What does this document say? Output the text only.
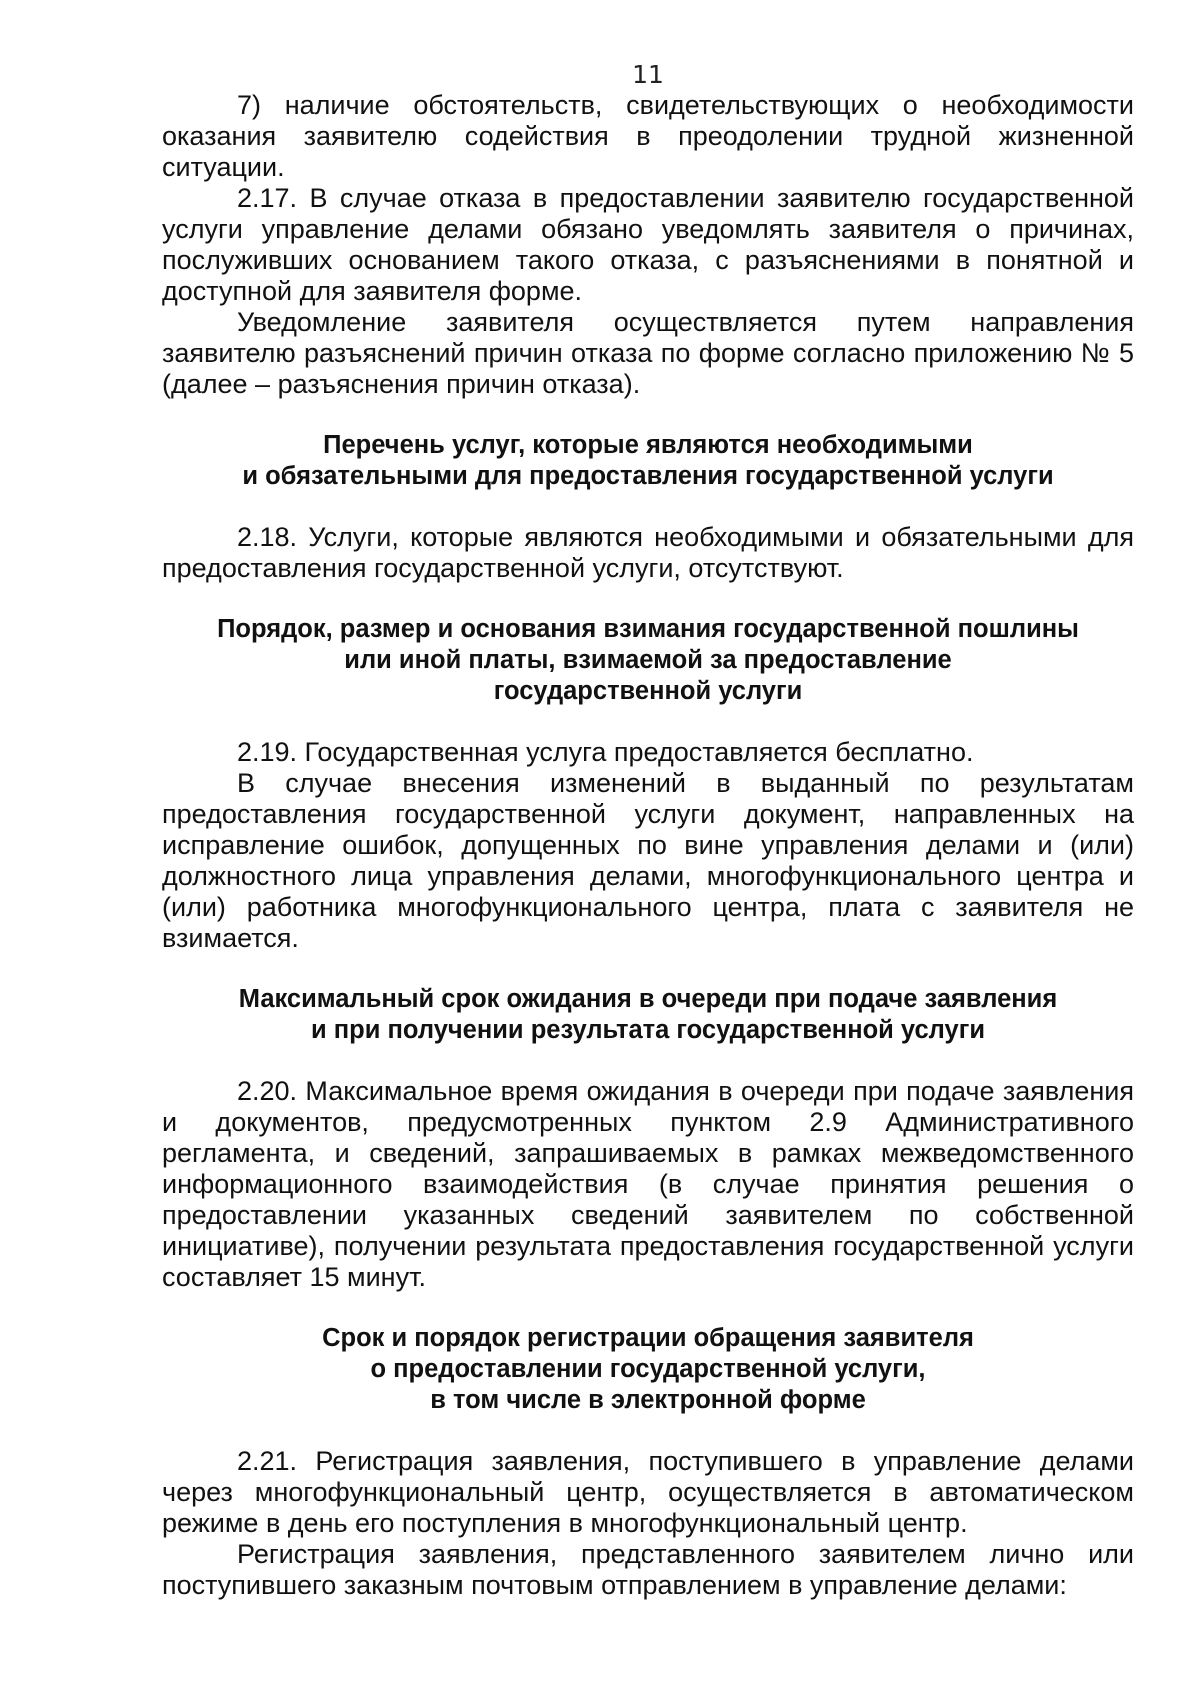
11

7) наличие обстоятельств, свидетельствующих о необходимости оказания заявителю содействия в преодолении трудной жизненной ситуации.

2.17. В случае отказа в предоставлении заявителю государственной услуги управление делами обязано уведомлять заявителя о причинах, послуживших основанием такого отказа, с разъяснениями в понятной и доступной для заявителя форме.

Уведомление заявителя осуществляется путем направления заявителю разъяснений причин отказа по форме согласно приложению № 5 (далее – разъяснения причин отказа).

Перечень услуг, которые являются необходимыми
и обязательными для предоставления государственной услуги

2.18. Услуги, которые являются необходимыми и обязательными для предоставления государственной услуги, отсутствуют.

Порядок, размер и основания взимания государственной пошлины
или иной платы, взимаемой за предоставление
государственной услуги

2.19. Государственная услуга предоставляется бесплатно.

В случае внесения изменений в выданный по результатам предоставления государственной услуги документ, направленных на исправление ошибок, допущенных по вине управления делами и (или) должностного лица управления делами, многофункционального центра и (или) работника многофункционального центра, плата с заявителя не взимается.

Максимальный срок ожидания в очереди при подаче заявления
и при получении результата государственной услуги

2.20. Максимальное время ожидания в очереди при подаче заявления и документов, предусмотренных пунктом 2.9 Административного регламента, и сведений, запрашиваемых в рамках межведомственного информационного взаимодействия (в случае принятия решения о предоставлении указанных сведений заявителем по собственной инициативе), получении результата предоставления государственной услуги составляет 15 минут.

Срок и порядок регистрации обращения заявителя
о предоставлении государственной услуги,
в том числе в электронной форме

2.21. Регистрация заявления, поступившего в управление делами через многофункциональный центр, осуществляется в автоматическом режиме в день его поступления в многофункциональный центр.

Регистрация заявления, представленного заявителем лично или поступившего заказным почтовым отправлением в управление делами:
